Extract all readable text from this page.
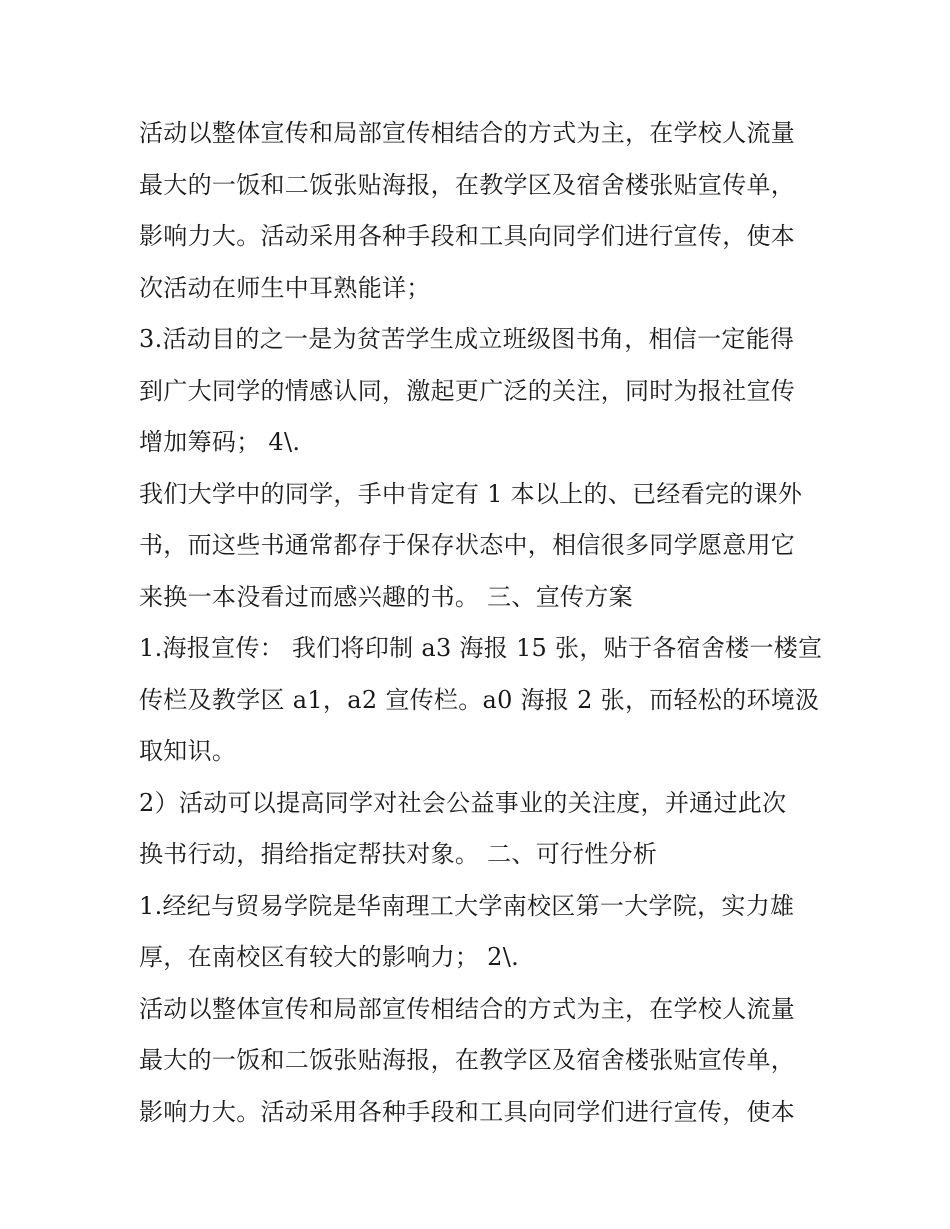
活动以整体宣传和局部宣传相结合的方式为主，在学校人流量
最大的一饭和二饭张贴海报，在教学区及宿舍楼张贴宣传单，
影响力大。活动采用各种手段和工具向同学们进行宣传，使本
次活动在师生中耳熟能详；
3.活动目的之一是为贫苦学生成立班级图书角，相信一定能得
到广大同学的情感认同，激起更广泛的关注，同时为报社宣传
增加筹码； 4\.
我们大学中的同学，手中肯定有 1 本以上的、已经看完的课外
书，而这些书通常都存于保存状态中，相信很多同学愿意用它
来换一本没看过而感兴趣的书。 三、宣传方案
1.海报宣传： 我们将印制 a3 海报 15 张，贴于各宿舍楼一楼宣
传栏及教学区 a1，a2 宣传栏。a0 海报 2 张，而轻松的环境汲
取知识。
2）活动可以提高同学对社会公益事业的关注度，并通过此次
换书行动，捐给指定帮扶对象。 二、可行性分析
1.经纪与贸易学院是华南理工大学南校区第一大学院，实力雄
厚，在南校区有较大的影响力； 2\.
活动以整体宣传和局部宣传相结合的方式为主，在学校人流量
最大的一饭和二饭张贴海报，在教学区及宿舍楼张贴宣传单，
影响力大。活动采用各种手段和工具向同学们进行宣传，使本
